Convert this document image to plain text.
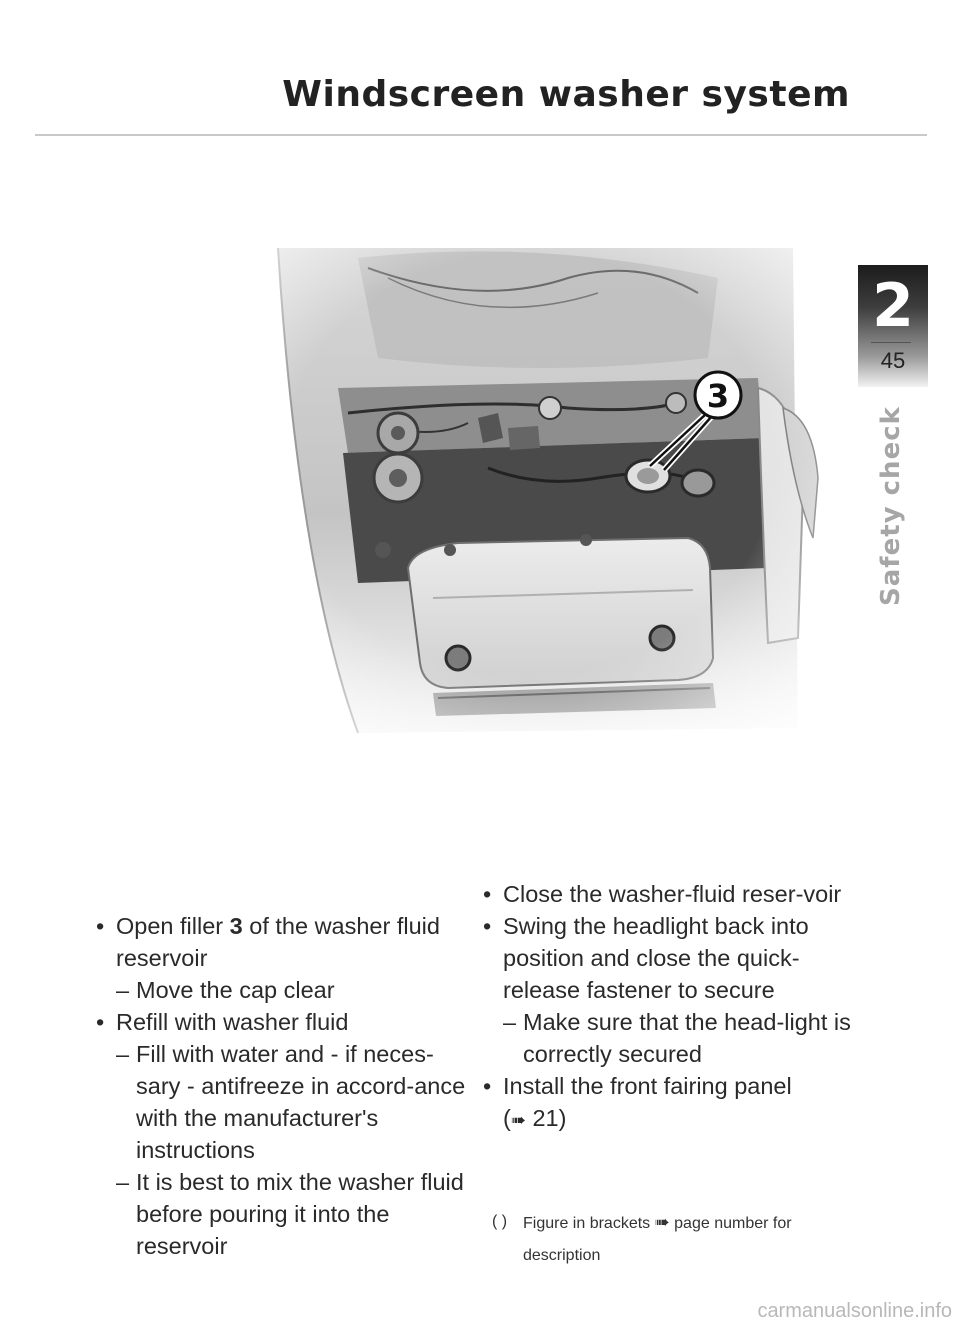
Windscreen washer system
2
45
Safety check
3
• Open filler 3 of the washer fluid reservoir
– Move the cap clear
• Refill with washer fluid
– Fill with water and - if neces-sary - antifreeze in accord-ance with the manufacturer's instructions
– It is best to mix the washer fluid before pouring it into the reservoir
• Close the washer-fluid reser-voir
• Swing the headlight back into position and close the quick-release fastener to secure
– Make sure that the head-light is correctly secured
• Install the front fairing panel
(➠ 21)
( ) Figure in brackets ➠ page number for description
carmanualsonline.info
